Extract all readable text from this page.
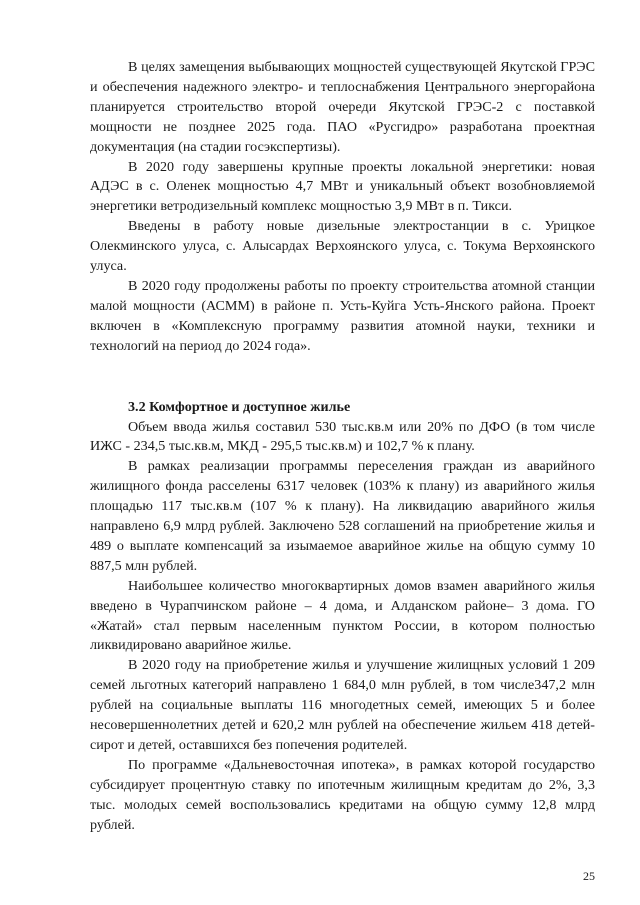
В целях замещения выбывающих мощностей существующей Якутской ГРЭС и обеспечения надежного электро- и теплоснабжения Центрального энергорайона планируется строительство второй очереди Якутской ГРЭС-2 с поставкой мощности не позднее 2025 года. ПАО «Русгидро» разработана проектная документация (на стадии госэкспертизы).

В 2020 году завершены крупные проекты локальной энергетики: новая АДЭС в с. Оленек мощностью 4,7 МВт и уникальный объект возобновляемой энергетики ветродизельный комплекс мощностью 3,9 МВт в п. Тикси.

Введены в работу новые дизельные электростанции в с. Урицкое Олекминского улуса, с. Алысардах Верхоянского улуса, с. Токума Верхоянского улуса.

В 2020 году продолжены работы по проекту строительства атомной станции малой мощности (АСММ) в районе п. Усть-Куйга Усть-Янского района. Проект включен в «Комплексную программу развития атомной науки, техники и технологий на период до 2024 года».

3.2 Комфортное и доступное жилье

Объем ввода жилья составил 530 тыс.кв.м или 20% по ДФО (в том числе ИЖС - 234,5 тыс.кв.м, МКД - 295,5 тыс.кв.м) и 102,7 % к плану.

В рамках реализации программы переселения граждан из аварийного жилищного фонда расселены 6317 человек (103% к плану) из аварийного жилья площадью 117 тыс.кв.м (107 % к плану). На ликвидацию аварийного жилья направлено 6,9 млрд рублей. Заключено 528 соглашений на приобретение жилья и 489 о выплате компенсаций за изымаемое аварийное жилье на общую сумму 10 887,5 млн рублей.

Наибольшее количество многоквартирных домов взамен аварийного жилья введено в Чурапчинском районе – 4 дома, и Алданском районе– 3 дома. ГО «Жатай» стал первым населенным пунктом России, в котором полностью ликвидировано аварийное жилье.

В 2020 году на приобретение жилья и улучшение жилищных условий 1 209 семей льготных категорий направлено 1 684,0 млн рублей, в том числе347,2 млн рублей на социальные выплаты 116 многодетных семей, имеющих 5 и более несовершеннолетних детей и 620,2 млн рублей на обеспечение жильем 418 детей-сирот и детей, оставшихся без попечения родителей.

По программе «Дальневосточная ипотека», в рамках которой государство субсидирует процентную ставку по ипотечным жилищным кредитам до 2%, 3,3 тыс. молодых семей воспользовались кредитами на общую сумму 12,8 млрд рублей.

25
